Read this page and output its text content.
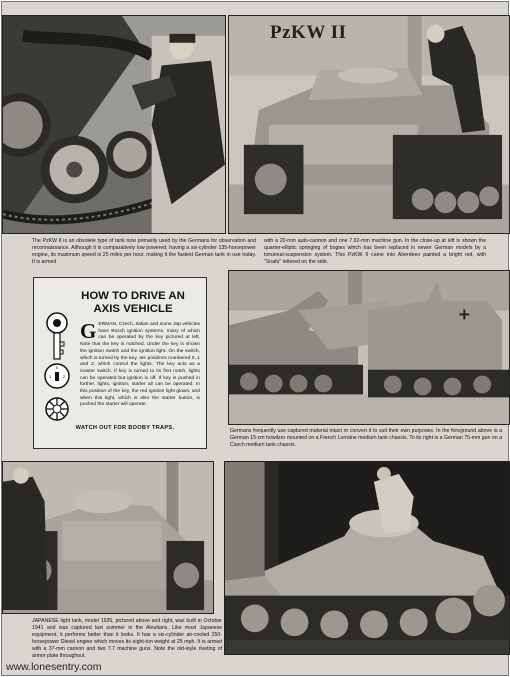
PzKW II
The PzKW II is an obsolete type of tank now primarily used by the Germans for observation and reconnaissance. Although it is comparatively low powered, having a six-cylinder 135-horsepower engine, its maximum speed is 25 miles per hour, making it the fastest German tank in use today. It is armed
with a 20-mm auto-cannon and one 7.92-mm machine gun. In the close-up at left is shown the quarter-elliptic springing of bogies which has been replaced in newer German models by a torsional-suspension system. This PzKW II came into Aberdeen painted a bright red, with "Snafu" lettered on the side.
HOW TO DRIVE AN AXIS VEHICLE
0
1	2
GERMAN, Czech, Italian and some Jap vehicles have Bosch ignition systems, many of which can be operated by the key pictured at left. Note that the key is notched. Under the key is shown the ignition switch and the ignition light. On the switch, which is turned by the key, are positions numbered 0, 1 and 2, which control the lights. The key acts as a master switch. If key is turned to its first notch, lights can be operated but ignition is off. If key is pushed in further, lights, ignition, starter all can be operated. In this position of the key, the red ignition light glows; and when this light, which is also the starter button, is pushed the starter will operate.
WATCH OUT FOR BOOBY TRAPS.	Germans frequently use captured material intact or convert it to suit their own purposes. In the foreground above is a German 15-cm howitzer mounted on a French Lorraine medium tank chassis. To its right is a German 75-mm gun on a Czech medium tank chassis.
JAPANESE light tank, model 1935, pictured above and right, was built in October 1941 and was captured last summer in the Aleutians. Like most Japanese equipment, it performs better than it looks. It has a six-cylinder air-cooled 250-horsepower Diesel engine which moves its eight-ton weight at 25 mph. It is armed with a 37-mm cannon and two 7.7 machine guns. Note the old-style riveting of armor plate throughout.
www.lonesentry.com
